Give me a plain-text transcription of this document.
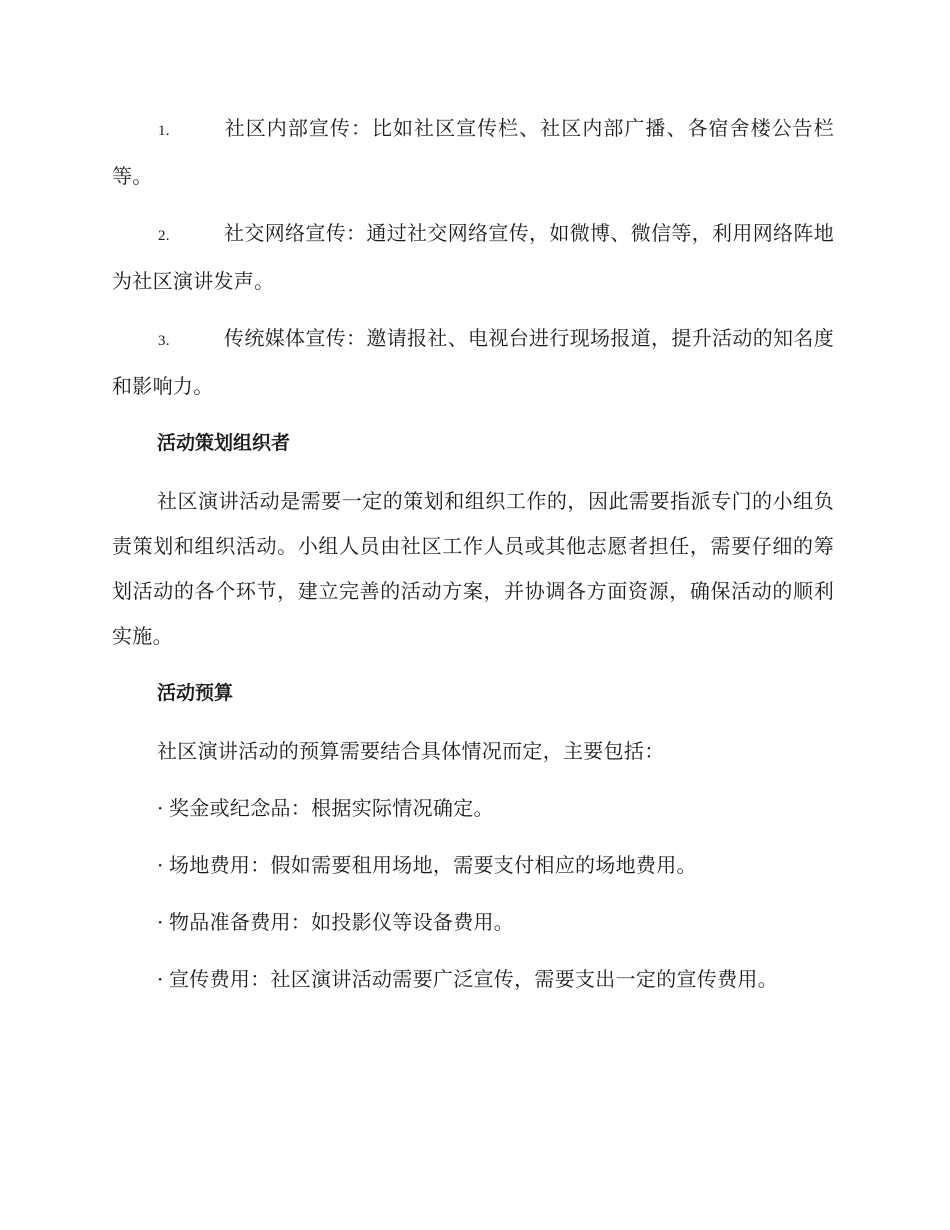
1.	社区内部宣传：比如社区宣传栏、社区内部广播、各宿舍楼公告栏等。

2.	社交网络宣传：通过社交网络宣传，如微博、微信等，利用网络阵地为社区演讲发声。

3.	传统媒体宣传：邀请报社、电视台进行现场报道，提升活动的知名度和影响力。

活动策划组织者

社区演讲活动是需要一定的策划和组织工作的，因此需要指派专门的小组负责策划和组织活动。小组人员由社区工作人员或其他志愿者担任，需要仔细的筹划活动的各个环节，建立完善的活动方案，并协调各方面资源，确保活动的顺利实施。

活动预算

社区演讲活动的预算需要结合具体情况而定，主要包括：

· 奖金或纪念品：根据实际情况确定。

· 场地费用：假如需要租用场地，需要支付相应的场地费用。

· 物品准备费用：如投影仪等设备费用。

· 宣传费用：社区演讲活动需要广泛宣传，需要支出一定的宣传费用。
